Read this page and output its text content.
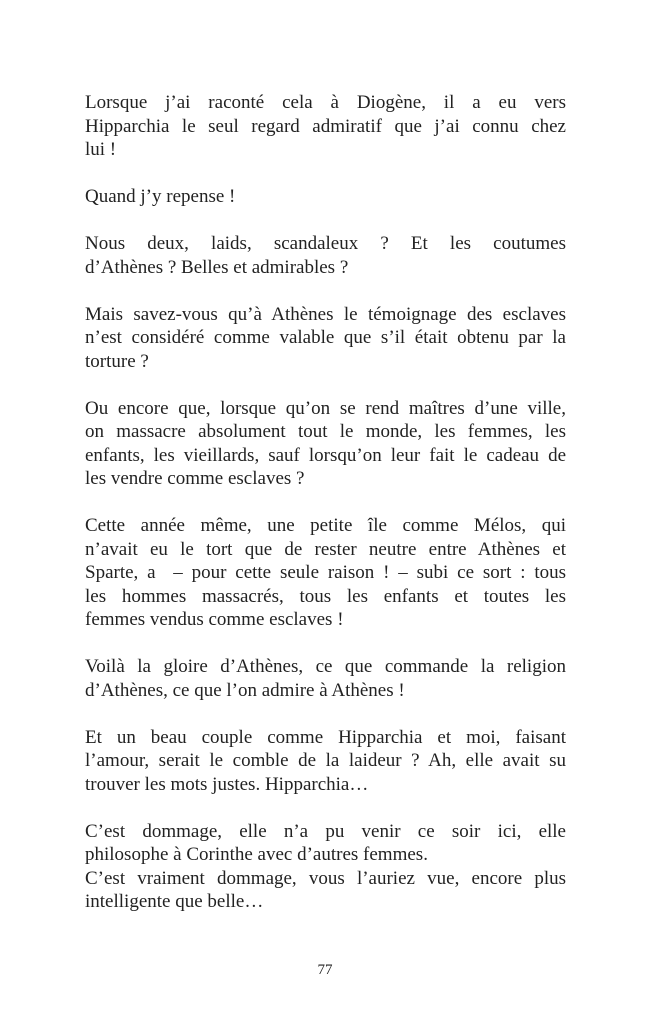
Lorsque j’ai raconté cela à Diogène, il a eu vers
Hipparchia le seul regard admiratif que j’ai connu chez
lui !
Quand j’y repense !
Nous deux, laids, scandaleux ? Et les coutumes
d’Athènes ? Belles et admirables ?
Mais savez-vous qu’à Athènes le témoignage des esclaves
n’est considéré comme valable que s’il était obtenu par la
torture ?
Ou encore que, lorsque qu’on se rend maîtres d’une ville,
on massacre absolument tout le monde, les femmes, les
enfants, les vieillards, sauf lorsqu’on leur fait le cadeau de
les vendre comme esclaves ?
Cette année même, une petite île comme Mélos, qui
n’avait eu le tort que de rester neutre entre Athènes et
Sparte, a  – pour cette seule raison ! – subi ce sort : tous
les hommes massacrés, tous les enfants et toutes les
femmes vendus comme esclaves !
Voilà la gloire d’Athènes, ce que commande la religion
d’Athènes, ce que l’on admire à Athènes !
Et un beau couple comme Hipparchia et moi, faisant
l’amour, serait le comble de la laideur ? Ah, elle avait su
trouver les mots justes. Hipparchia…
C’est dommage, elle n’a pu venir ce soir ici, elle
philosophe à Corinthe avec d’autres femmes.
C’est vraiment dommage, vous l’auriez vue, encore plus
intelligente que belle…
77
